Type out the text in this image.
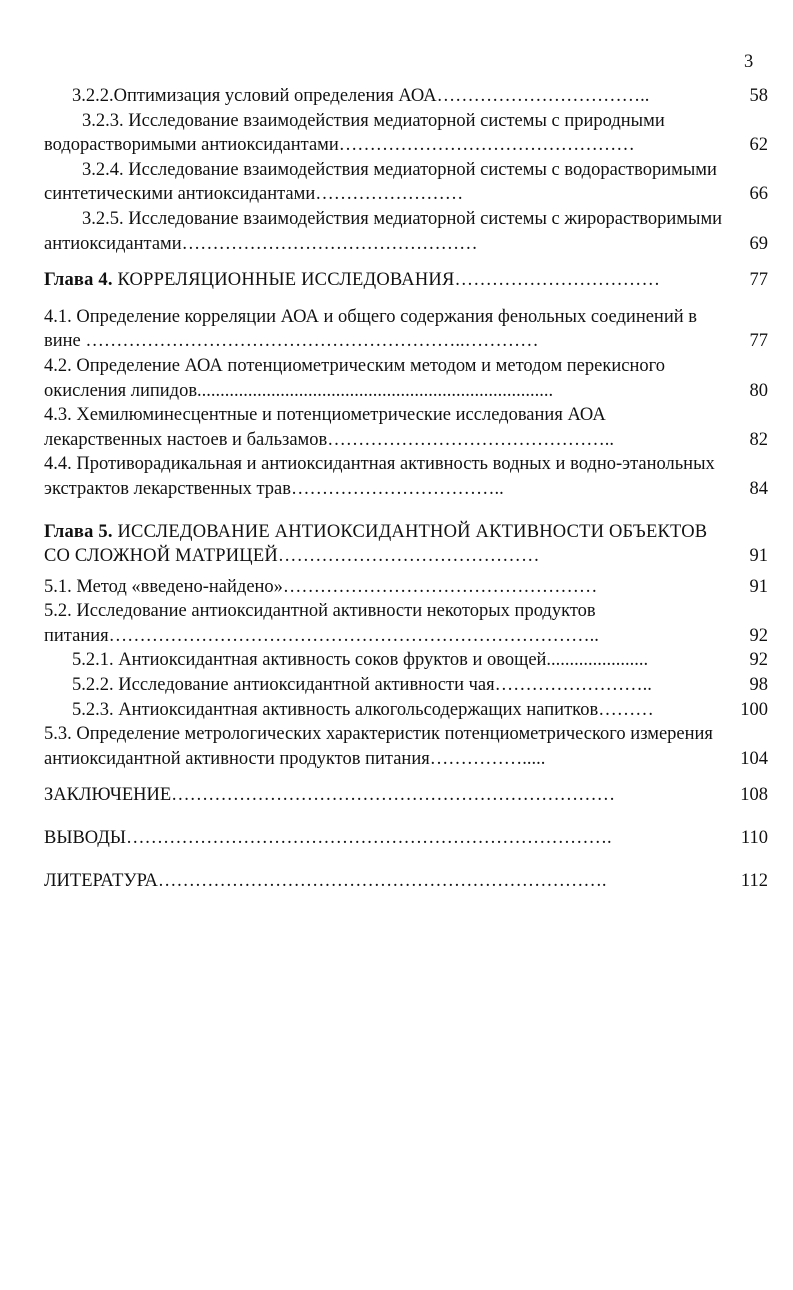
3
3.2.2.Оптимизация условий определения АОА……………………………..	58
3.2.3. Исследование взаимодействия медиаторной системы с природными водорастворимыми антиоксидантами…………………………………………	62
3.2.4. Исследование взаимодействия медиаторной системы с водорастворимыми синтетическими антиоксидантами……………………	66
3.2.5. Исследование взаимодействия медиаторной системы с жирорастворимыми антиоксидантами…………………………………………	69
Глава 4. КОРРЕЛЯЦИОННЫЕ ИССЛЕДОВАНИЯ……………………………	77
4.1. Определение корреляции АОА и общего содержания фенольных соединений в вине ……………………………………………………..…………	77
4.2. Определение АОА потенциометрическим методом и методом перекисного окисления липидов.............................................................................	80
4.3. Хемилюминесцентные и потенциометрические исследования АОА лекарственных настоев и бальзамов………………………………………..	82
4.4. Противорадикальная и антиоксидантная активность водных и водно-этанольных экстрактов лекарственных трав……………………………..	84
Глава 5. ИССЛЕДОВАНИЕ АНТИОКСИДАНТНОЙ АКТИВНОСТИ ОБЪЕКТОВ СО СЛОЖНОЙ МАТРИЦЕЙ……………………………………	91
5.1. Метод «введено-найдено»……………………………………………	91
5.2. Исследование антиоксидантной активности некоторых продуктов питания……………………………………………………………………..	92
5.2.1. Антиоксидантная активность соков фруктов и овощей......................	92
5.2.2. Исследование антиоксидантной активности чая……………………..	98
5.2.3. Антиоксидантная активность алкогольсодержащих напитков………	100
5.3. Определение метрологических характеристик потенциометрического измерения антиоксидантной активности продуктов питания…………….....	104
ЗАКЛЮЧЕНИЕ………………………………………………………………	108
ВЫВОДЫ…………………………………………………………………….	110
ЛИТЕРАТУРА……………………………………………………………….	112
